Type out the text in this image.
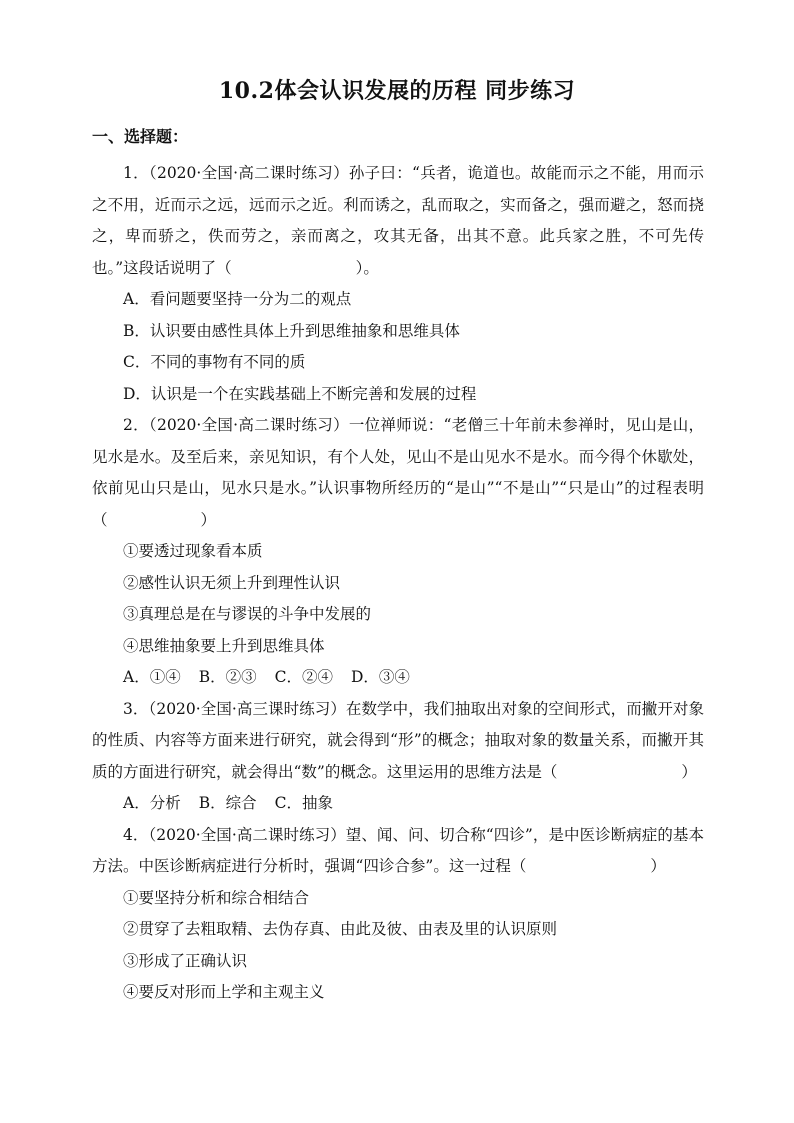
10.2体会认识发展的历程 同步练习
一、选择题：

1．（2020·全国·高二课时练习）孙子曰：“兵者，诡道也。故能而示之不能，用而示之不用，近而示之远，远而示之近。利而诱之，乱而取之，实而备之，强而避之，怒而挠之，卑而骄之，佚而劳之，亲而离之，攻其无备，出其不意。此兵家之胜，不可先传也。”这段话说明了（　　　　　　　　）。

A．看问题要坚持一分为二的观点

B．认识要由感性具体上升到思维抽象和思维具体

C．不同的事物有不同的质

D．认识是一个在实践基础上不断完善和发展的过程

2．（2020·全国·高二课时练习）一位禅师说：“老僧三十年前未参禅时，见山是山，见水是水。及至后来，亲见知识，有个人处，见山不是山见水不是水。而今得个休歇处，依前见山只是山，见水只是水。”认识事物所经历的“是山”“不是山”“只是山”的过程表明（　　　　　　）

①要透过现象看本质

②感性认识无须上升到理性认识

③真理总是在与谬误的斗争中发展的

④思维抽象要上升到思维具体

A．①④ B．②③ C．②④ D．③④

3．（2020·全国·高三课时练习）在数学中，我们抽取出对象的空间形式，而撇开对象的性质、内容等方面来进行研究，就会得到“形”的概念；抽取对象的数量关系，而撇开其质的方面进行研究，就会得出“数”的概念。这里运用的思维方法是（　　　　　　　　）

A．分析 B．综合 C．抽象

4．（2020·全国·高二课时练习）望、闻、问、切合称“四诊”，是中医诊断病症的基本方法。中医诊断病症进行分析时，强调“四诊合参”。这一过程（　　　　　　　　）

①要坚持分析和综合相结合

②贯穿了去粗取精、去伪存真、由此及彼、由表及里的认识原则

③形成了正确认识

④要反对形而上学和主观主义
